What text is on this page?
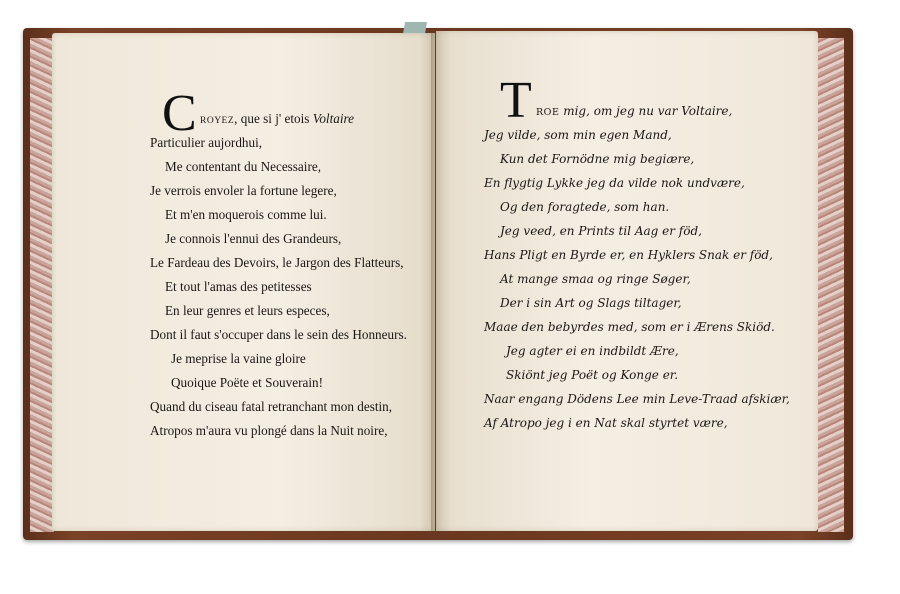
C ROYEZ, que si j' etois Voltaire
Particulier aujordhui,
Me contentant du Necessaire,
Je verrois envoler la fortune legere,
Et m'en moquerois comme lui.
Je connois l'ennui des Grandeurs,
Le Fardeau des Devoirs, le Jargon des Flatteurs,
Et tout l'amas des petitesses
En leur genres et leurs especes,
Dont il faut s'occuper dans le sein des Honneurs.
Je meprise la vaine gloire
Quoique Poëte et Souverain!
Quand du ciseau fatal retranchant mon destin,
Atropos m'aura vu plongé dans la Nuit noire,
T ROE mig, om jeg nu var Voltaire,
Jeg vilde, som min egen Mand,
Kun det Fornödne mig begiære,
En flygtig Lykke jeg da vilde nok undvære,
Og den foragtede, som han.
Jeg veed, en Prints til Aag er föd,
Hans Pligt en Byrde er, en Hyklers Snak er föd,
At mange smaa og ringe Søger,
Der i sin Art og Slags tiltager,
Maae den bebyrdes med, som er i Ærens Skiöd.
Jeg agter ei en indbildt Ære,
Skiönt jeg Poët og Konge er.
Naar engang Dödens Lee min Leve-Traad afskiær,
Af Atropo jeg i en Nat skal styrtet være,
